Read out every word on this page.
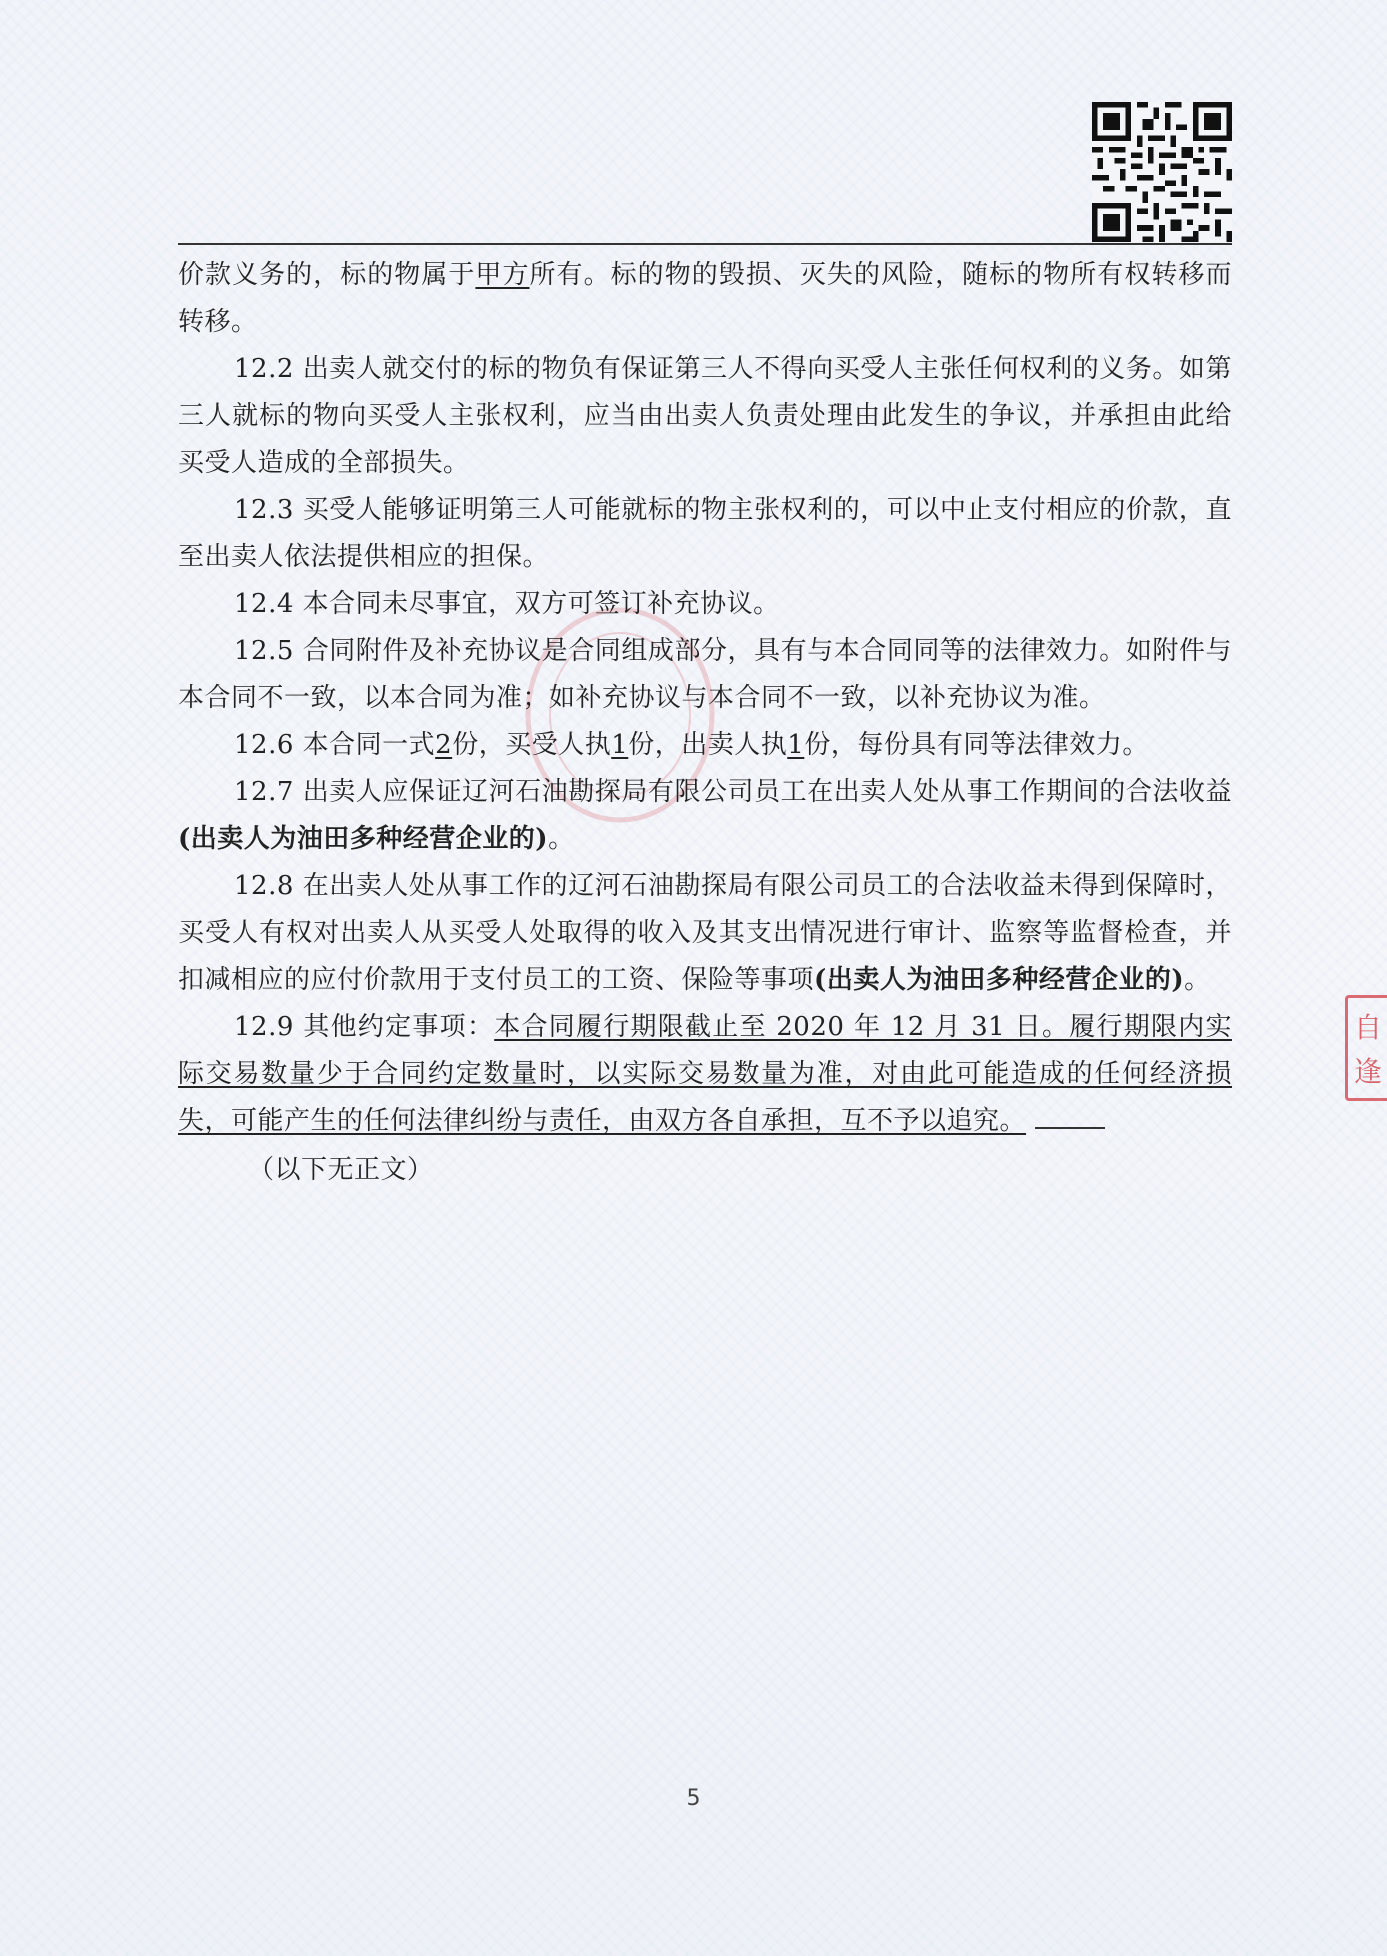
价款义务的，标的物属于甲方所有。标的物的毁损、灭失的风险，随标的物所有权转移而转移。

12.2 出卖人就交付的标的物负有保证第三人不得向买受人主张任何权利的义务。如第三人就标的物向买受人主张权利，应当由出卖人负责处理由此发生的争议，并承担由此给买受人造成的全部损失。

12.3 买受人能够证明第三人可能就标的物主张权利的，可以中止支付相应的价款，直至出卖人依法提供相应的担保。

12.4 本合同未尽事宜，双方可签订补充协议。

12.5 合同附件及补充协议是合同组成部分，具有与本合同同等的法律效力。如附件与本合同不一致，以本合同为准；如补充协议与本合同不一致，以补充协议为准。

12.6 本合同一式2份，买受人执1份，出卖人执1份，每份具有同等法律效力。

12.7 出卖人应保证辽河石油勘探局有限公司员工在出卖人处从事工作期间的合法收益(出卖人为油田多种经营企业的)。

12.8 在出卖人处从事工作的辽河石油勘探局有限公司员工的合法收益未得到保障时，买受人有权对出卖人从买受人处取得的收入及其支出情况进行审计、监察等监督检查，并扣减相应的应付价款用于支付员工的工资、保险等事项(出卖人为油田多种经营企业的)。

12.9 其他约定事项：本合同履行期限截止至 2020 年 12 月 31 日。履行期限内实际交易数量少于合同约定数量时，以实际交易数量为准，对由此可能造成的任何经济损失，可能产生的任何法律纠纷与责任，由双方各自承担，互不予以追究。

（以下无正文）

自
逢
5
